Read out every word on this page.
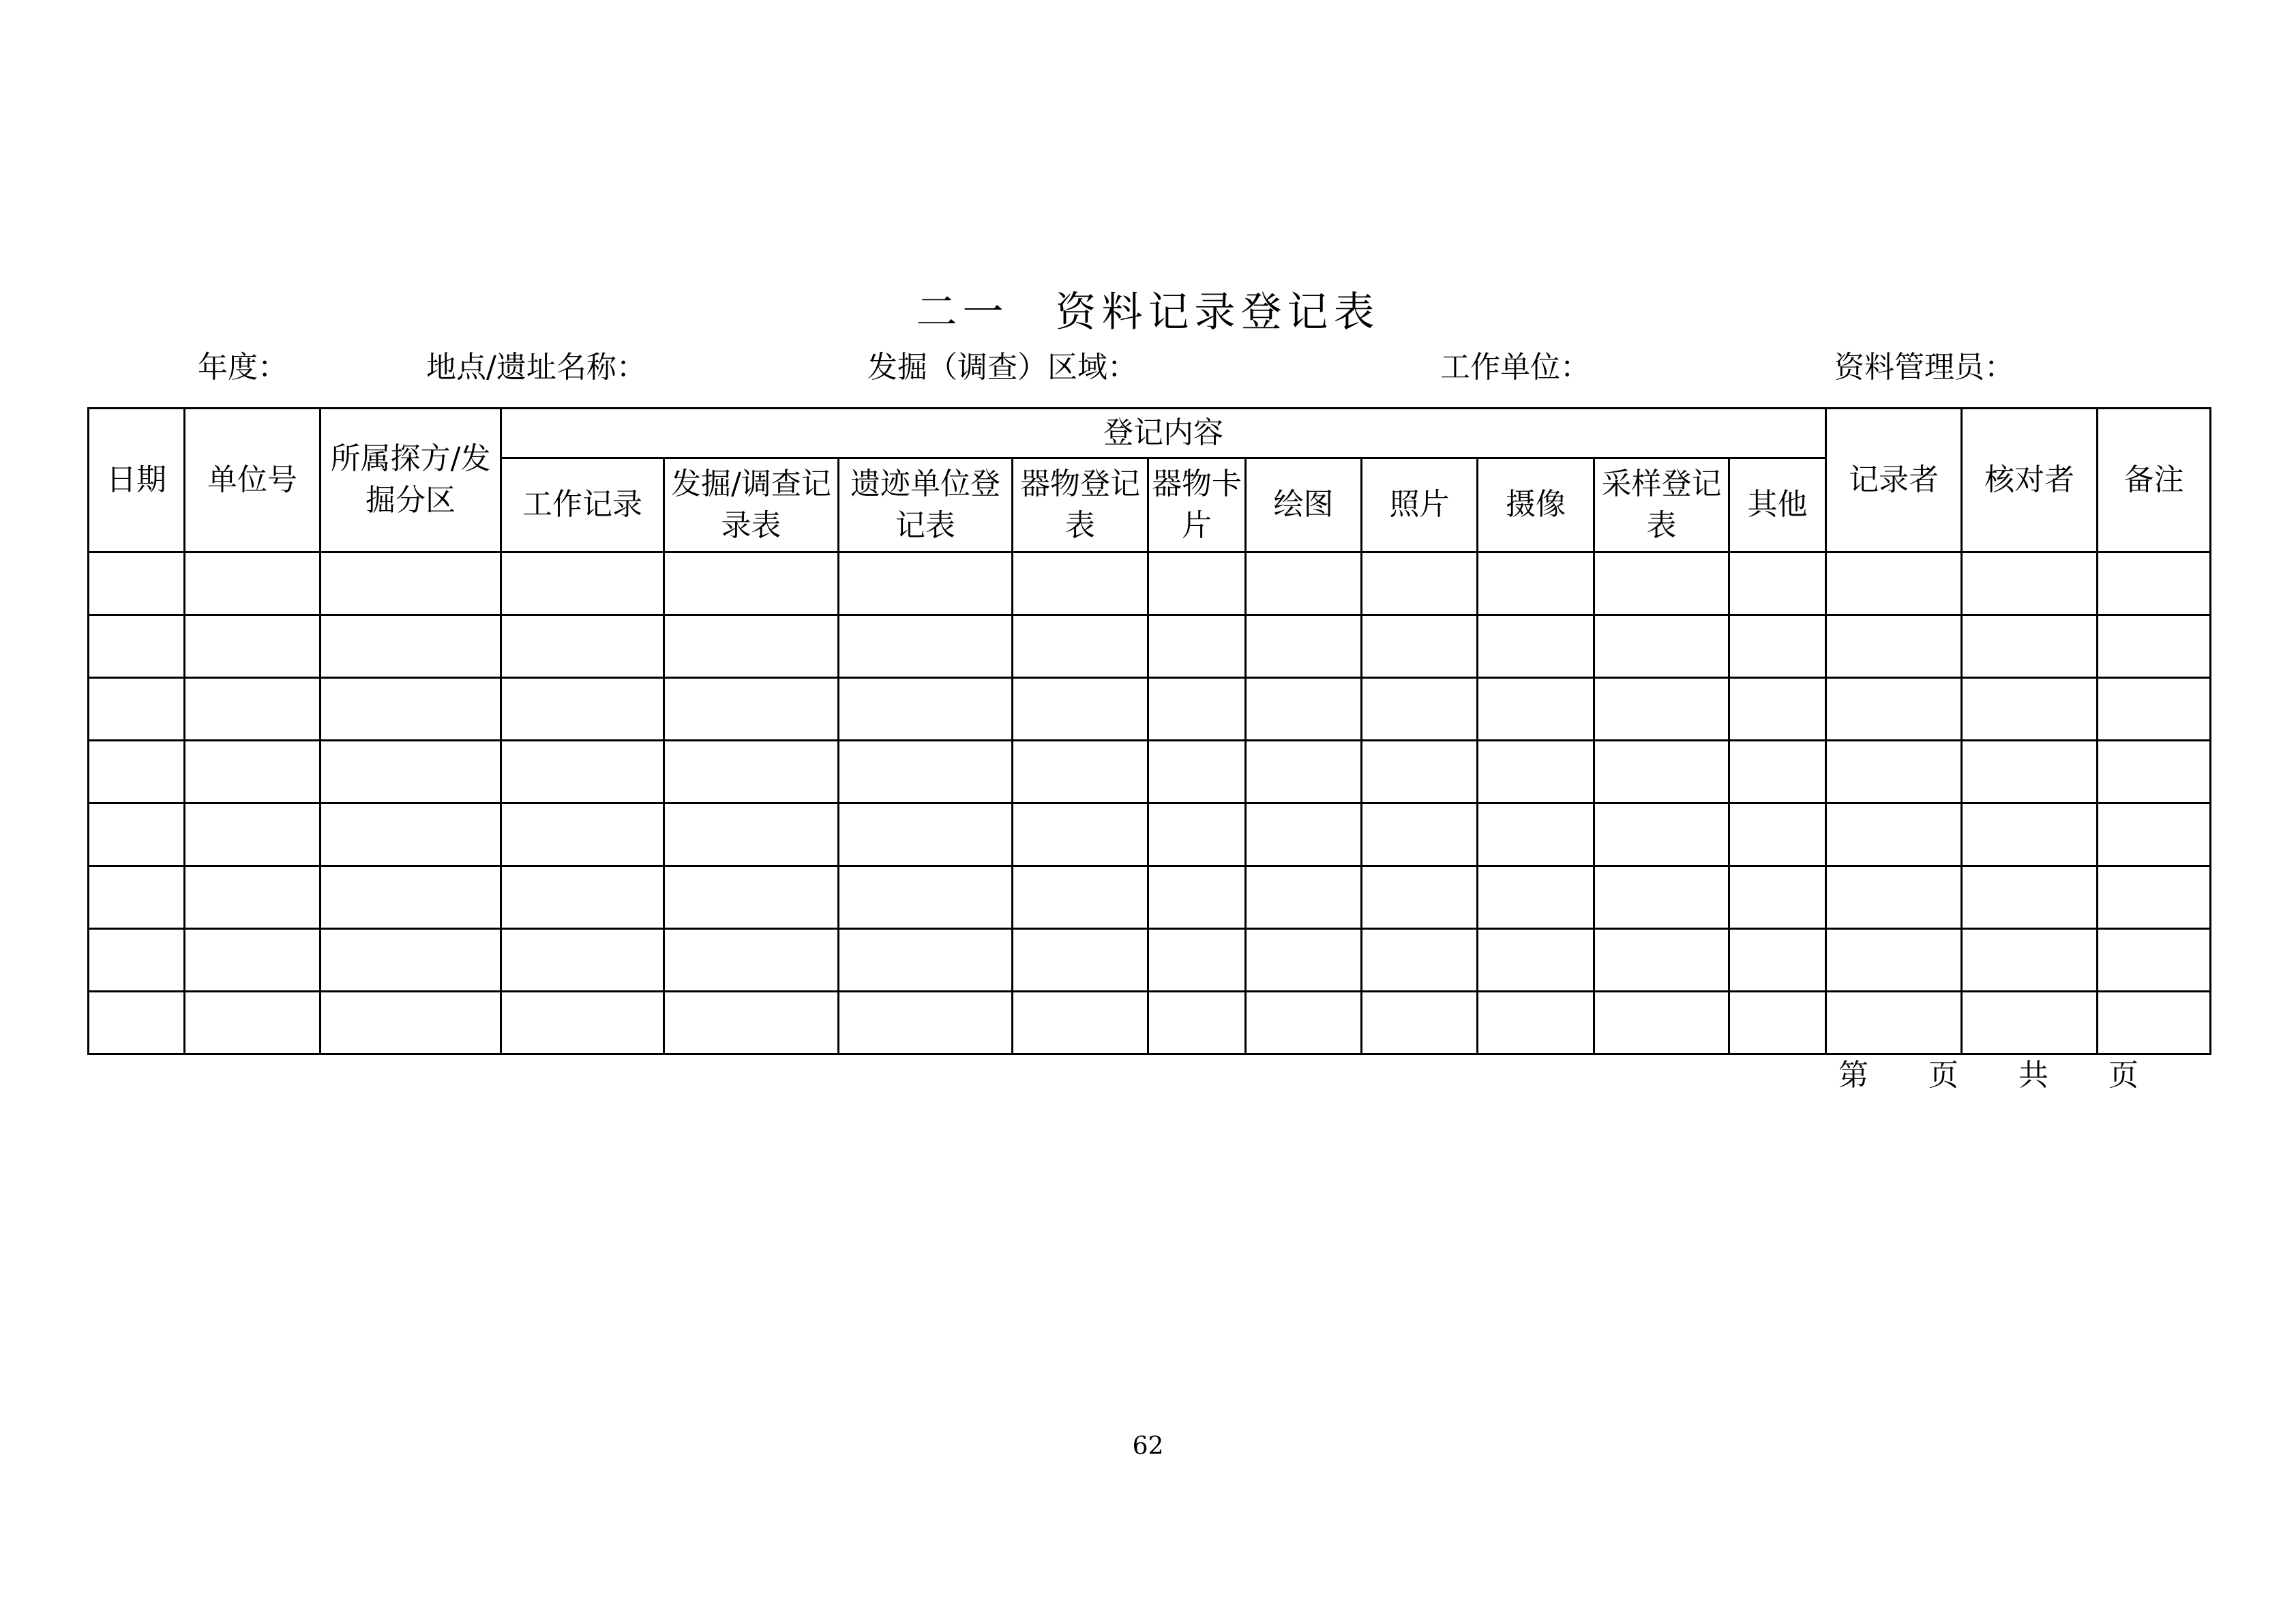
二一　资料记录登记表
年度：	地点/遗址名称：	发掘（调查）区域：	工作单位：	资料管理员：
日期	单位号	所属探方/发掘分区	登记内容										记录者	核对者	备注
			工作记录	发掘/调查记录表	遗迹单位登记表	器物登记表	器物卡片	绘图	照片	摄像	采样登记表	其他			

第　　页　　共　　页
62
